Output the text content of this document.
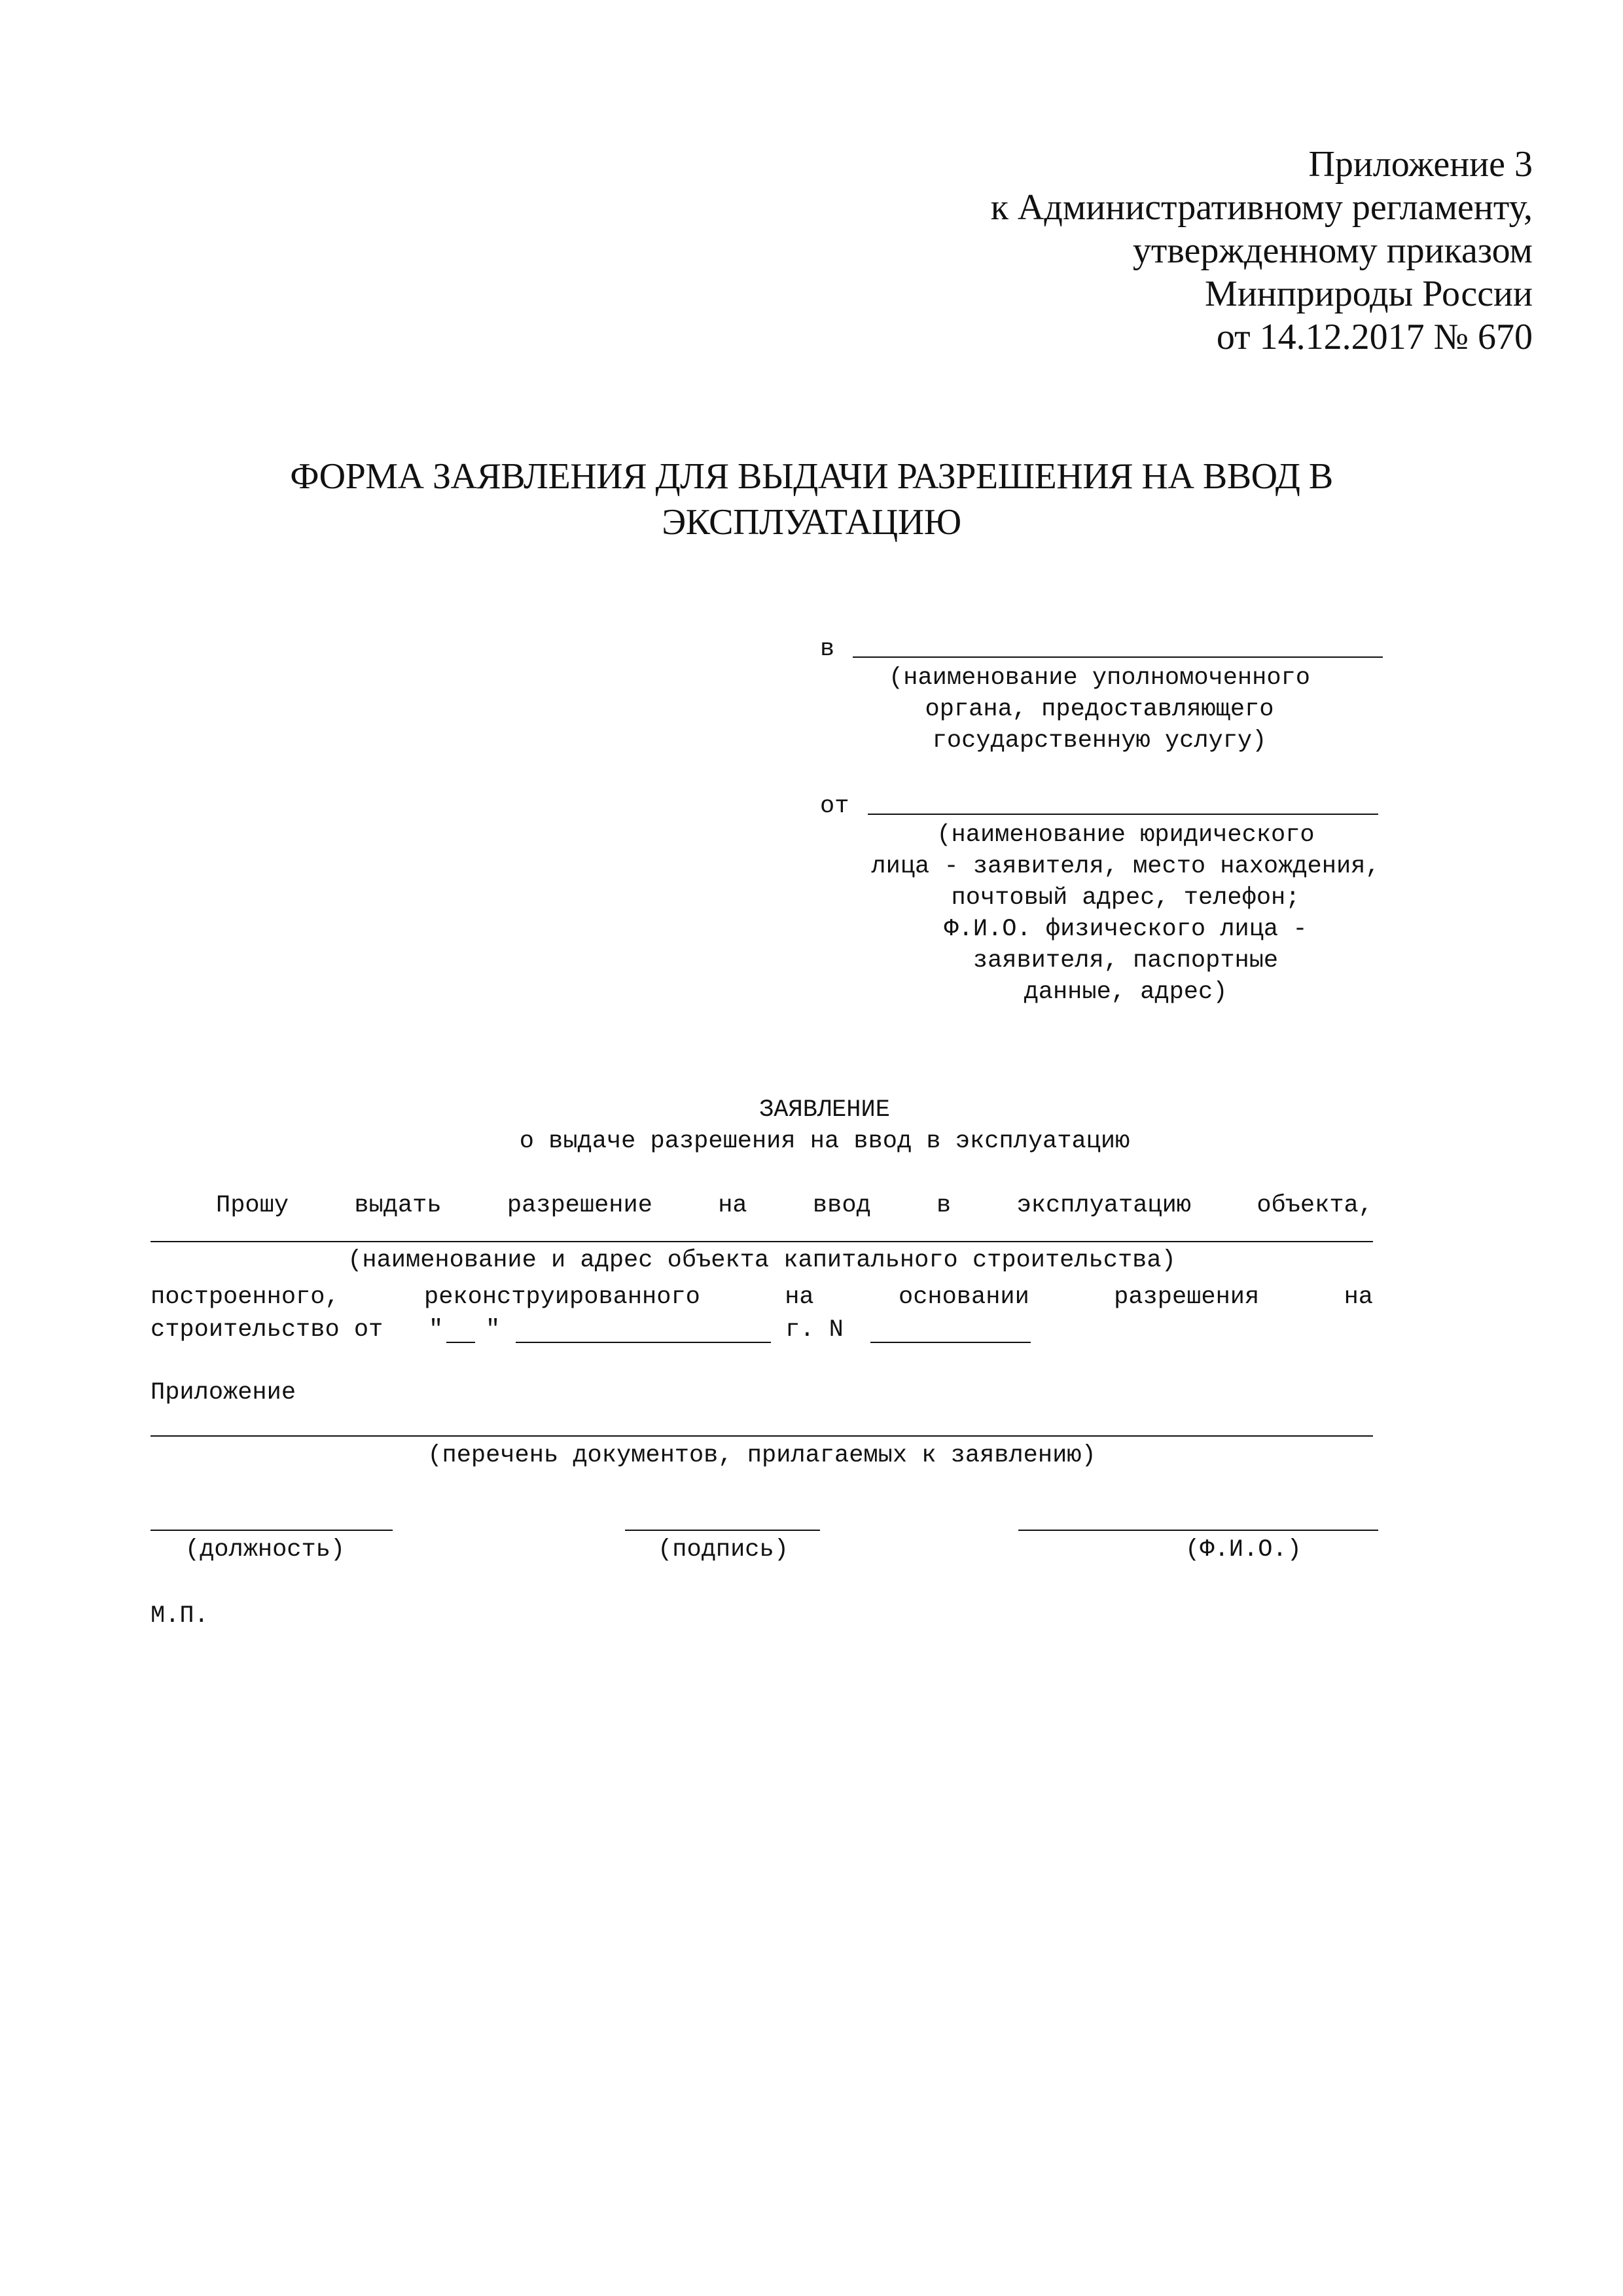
Приложение 3
к Административному регламенту,
утвержденному приказом
Минприроды России
от 14.12.2017 № 670
ФОРМА ЗАЯВЛЕНИЯ ДЛЯ ВЫДАЧИ РАЗРЕШЕНИЯ НА ВВОД В
ЭКСПЛУАТАЦИЮ
в
(наименование уполномоченного
органа, предоставляющего
государственную услугу)
от
(наименование юридического
лица - заявителя, место нахождения,
почтовый адрес, телефон;
Ф.И.О. физического лица -
заявителя, паспортные
данные, адрес)
ЗАЯВЛЕНИЕ
о выдаче разрешения на ввод в эксплуатацию
Прошу	выдать	разрешение	на	ввод	в	эксплуатацию	объекта,
(наименование и адрес объекта капитального строительства)
построенного,	реконструированного	на	основании	разрешения	на
строительство от " "	г. N
Приложение
(перечень документов, прилагаемых к заявлению)
(должность)	(подпись)	(Ф.И.О.)
М.П.
